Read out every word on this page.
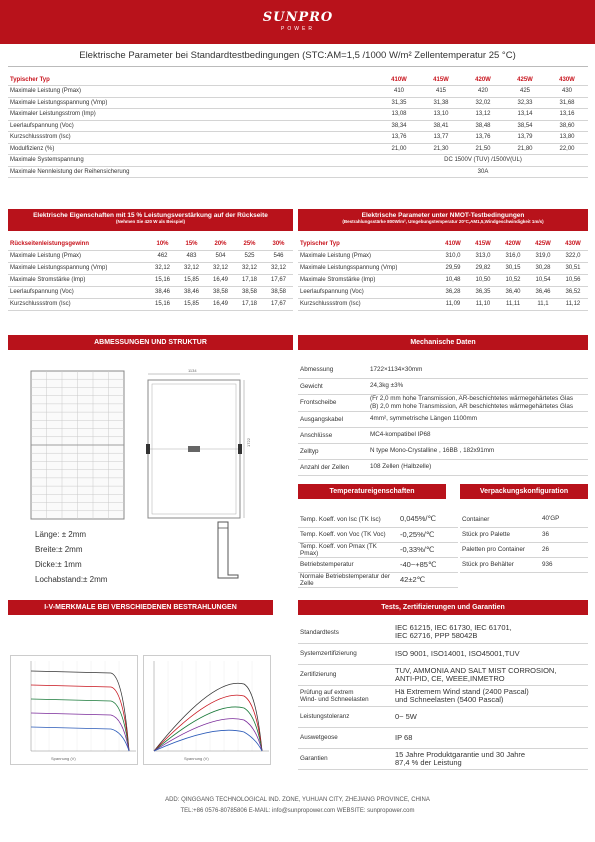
SUNPRO
POWER
Elektrische Parameter bei Standardtestbedingungen (STC:AM=1,5 /1000 W/m² Zellentemperatur 25 °C)
Typischer Typ	410W	415W	420W	425W	430W
Maximale Leistung (Pmax)	410	415	420	425	430
Maximale Leistungsspannung (Vmp)	31,35	31,38	32,02	32,33	31,68
Maximaler Leistungsstrom (Imp)	13,08	13,10	13,12	13,14	13,16
Leerlaufspannung (Voc)	38,34	38,41	38,48	38,54	38,60
Kurzschlussstrom (Isc)	13,76	13,77	13,76	13,79	13,80
Modulfizienz (%)	21,00	21,30	21,50	21,80	22,00
Maximale Systemspannung	DC 1500V (TUV) /1500V(UL)				
Maximale Nennleistung der Reihensicherung	30A				
Elektrische Eigenschaften mit 15 % Leistungsverstärkung auf der Rückseite
(Nehmen Sie 420 W als Beispiel)
Rückseitenleistungsgewinn	10%	15%	20%	25%	30%
Maximale Leistung (Pmax)	462	483	504	525	546
Maximale Leistungsspannung (Vmp)	32,12	32,12	32,12	32,12	32,12
Maximale Stromstärke (Imp)	15,16	15,85	16,49	17,18	17,67
Leerlaufspannung (Voc)	38,46	38,46	38,58	38,58	38,58
Kurzschlussstrom (Isc)	15,16	15,85	16,49	17,18	17,67
Elektrische Parameter unter NMOT-Testbedingungen
(Bestrahlungsstärke 800W/m², Umgebungstemperatur 20°C,AM1,5,Windgeschwindigkeit 1m/s)
Typischer Typ	410W	415W	420W	425W	430W
Maximale Leistung (Pmax)	310,0	313,0	316,0	319,0	322,0
Maximale Leistungsspannung (Vmp)	29,59	29,82	30,15	30,28	30,51
Maximale Stromstärke (Imp)	10,48	10,50	10,52	10,54	10,56
Leerlaufspannung (Voc)	36,28	36,35	36,40	36,46	36,52
Kurzschlussstrom (Isc)	11,09	11,10	11,11	11,1	11,12
ABMESSUNGEN UND STRUKTUR
1134
1722
Länge: ± 2mm
Breite:± 2mm
Dicke:± 1mm
Lochabstand:± 2mm
Mechanische Daten
Abmessung	1722×1134×30mm
Gewicht	24,3kg ±3%
Frontscheibe	(Fr 2,0 mm hohe Transmission, AR-beschichtetes wärmegehärtetes Glas
(B) 2,0 mm hohe Transmission, AR beschichtetes wärmegehärtetes Glas
Ausgangskabel	4mm², symmetrische Längen 1100mm
Anschlüsse	MC4-kompatibel IP68
Zelltyp	N type Mono-Crystalline , 16BB , 182x91mm
Anzahl der Zellen	108 Zellen (Halbzelle)
Temperatureigenschaften
Temp. Koeff. von Isc (TK Isc)	0,045%/℃
Temp. Koeff. von Voc (TK Voc)	-0,25%/℃
Temp. Koeff. von Pmax (TK Pmax)	-0,33%/℃
Betriebstemperatur	-40~+85℃
Normale Betriebstemperatur der Zelle	42±2℃
Verpackungskonfiguration
Container	40'GP
Stück pro Palette	36
Paletten pro Container	26
Stück pro Behälter	936
I-V-MERKMALE BEI VERSCHIEDENEN BESTRAHLUNGEN
Spannung (V)	Spannung (V)
Tests, Zertifizierungen und Garantien
Standardtests	IEC 61215, IEC 61730, IEC 61701,
IEC 62716, PPP 58042B
Systemzertifizierung	ISO 9001, ISO14001, ISO45001,TUV
Zertifizierung	TUV, AMMONIA AND SALT MIST CORROSION,
ANTI-PID, CE, WEEE,INMETRO
Prüfung auf extrem
Wind- und Schneelasten	Hä Extremem Wind stand (2400 Pascal)
und Schneelasten (5400 Pascal)
Leistungstoleranz	0~ 5W
Auswetgeose	IP 68
Garantien	15 Jahre Produktgarantie und 30 Jahre
87,4 % der Leistung
ADD: QINGGANG TECHNOLOGICAL IND. ZONE, YUHUAN CITY, ZHEJIANG PROVINCE, CHINA
TEL:+86 0576-80785806 E-MAIL: info@sunpropower.com WEBSITE: sunpropower.com
